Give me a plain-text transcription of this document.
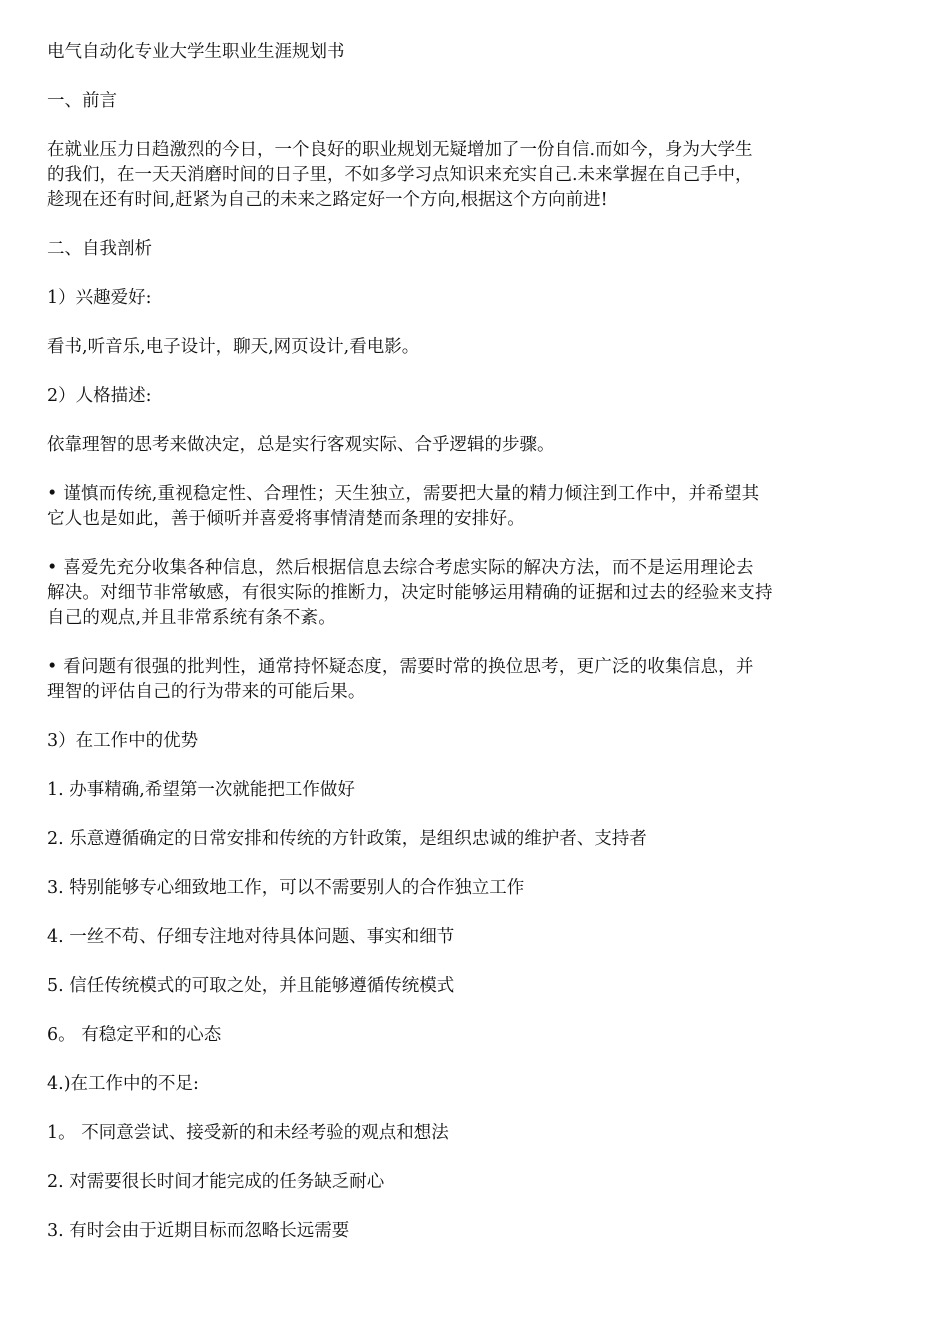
电气自动化专业大学生职业生涯规划书

一、前言

在就业压力日趋激烈的今日，一个良好的职业规划无疑增加了一份自信.而如今，身为大学生

的我们，在一天天消磨时间的日子里，不如多学习点知识来充实自己.未来掌握在自己手中，

趁现在还有时间,赶紧为自己的未来之路定好一个方向,根据这个方向前进!

二、自我剖析

1）兴趣爱好:

看书,听音乐,电子设计，聊天,网页设计,看电影。

2）人格描述:

依靠理智的思考来做决定，总是实行客观实际、合乎逻辑的步骤。

• 谨慎而传统,重视稳定性、合理性；天生独立，需要把大量的精力倾注到工作中，并希望其

它人也是如此，善于倾听并喜爱将事情清楚而条理的安排好。

• 喜爱先充分收集各种信息，然后根据信息去综合考虑实际的解决方法，而不是运用理论去

解决。对细节非常敏感，有很实际的推断力，决定时能够运用精确的证据和过去的经验来支持

自己的观点,并且非常系统有条不紊。

• 看问题有很强的批判性，通常持怀疑态度，需要时常的换位思考，更广泛的收集信息，并

理智的评估自己的行为带来的可能后果。

3）在工作中的优势

1. 办事精确,希望第一次就能把工作做好

2. 乐意遵循确定的日常安排和传统的方针政策，是组织忠诚的维护者、支持者

3. 特别能够专心细致地工作，可以不需要别人的合作独立工作

4. 一丝不苟、仔细专注地对待具体问题、事实和细节

5. 信任传统模式的可取之处，并且能够遵循传统模式

6。 有稳定平和的心态

4.)在工作中的不足:

1。 不同意尝试、接受新的和未经考验的观点和想法

2. 对需要很长时间才能完成的任务缺乏耐心

3. 有时会由于近期目标而忽略长远需要
